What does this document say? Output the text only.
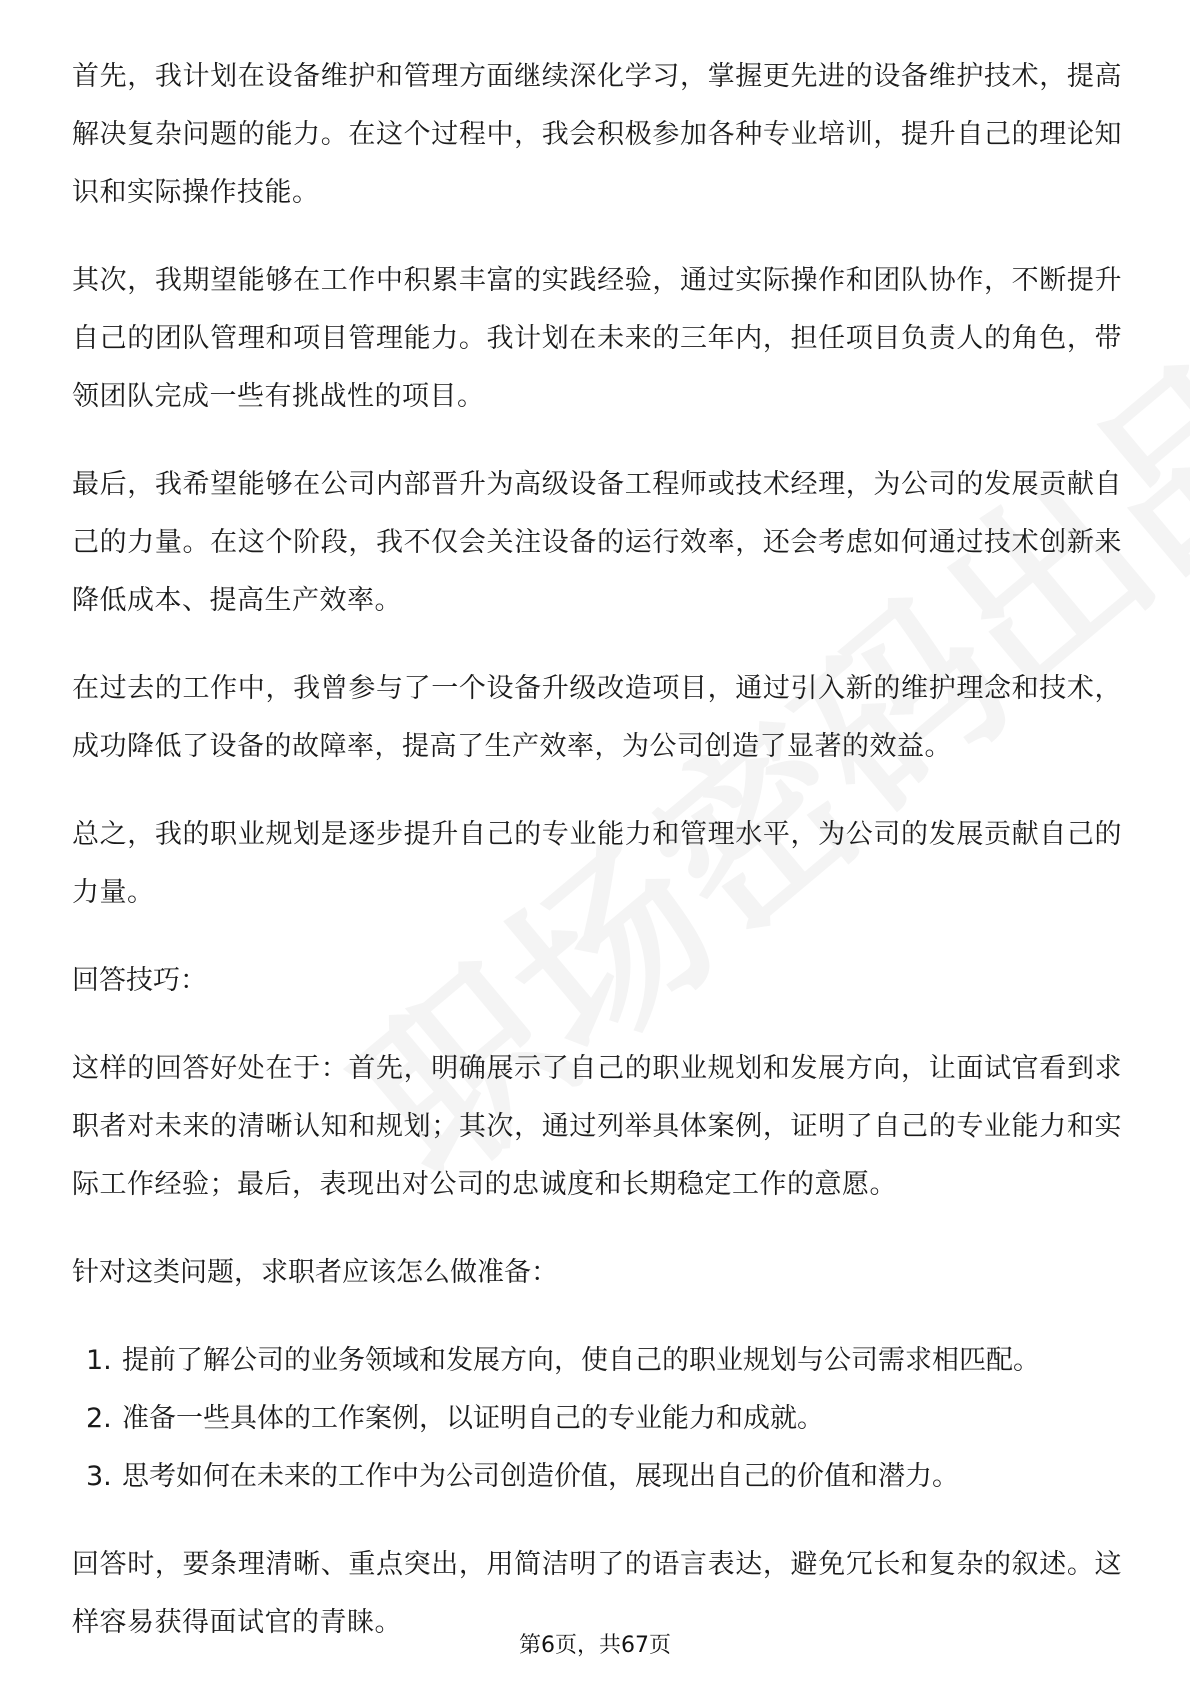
首先，我计划在设备维护和管理方面继续深化学习，掌握更先进的设备维护技术，提高解决复杂问题的能力。在这个过程中，我会积极参加各种专业培训，提升自己的理论知识和实际操作技能。

其次，我期望能够在工作中积累丰富的实践经验，通过实际操作和团队协作，不断提升自己的团队管理和项目管理能力。我计划在未来的三年内，担任项目负责人的角色，带领团队完成一些有挑战性的项目。

最后，我希望能够在公司内部晋升为高级设备工程师或技术经理，为公司的发展贡献自己的力量。在这个阶段，我不仅会关注设备的运行效率，还会考虑如何通过技术创新来降低成本、提高生产效率。

在过去的工作中，我曾参与了一个设备升级改造项目，通过引入新的维护理念和技术，成功降低了设备的故障率，提高了生产效率，为公司创造了显著的效益。

总之，我的职业规划是逐步提升自己的专业能力和管理水平，为公司的发展贡献自己的力量。

回答技巧：

这样的回答好处在于：首先，明确展示了自己的职业规划和发展方向，让面试官看到求职者对未来的清晰认知和规划；其次，通过列举具体案例，证明了自己的专业能力和实际工作经验；最后，表现出对公司的忠诚度和长期稳定工作的意愿。

针对这类问题，求职者应该怎么做准备：

1. 提前了解公司的业务领域和发展方向，使自己的职业规划与公司需求相匹配。
2. 准备一些具体的工作案例，以证明自己的专业能力和成就。
3. 思考如何在未来的工作中为公司创造价值，展现出自己的价值和潜力。

回答时，要条理清晰、重点突出，用简洁明了的语言表达，避免冗长和复杂的叙述。这样容易获得面试官的青睐。

第6页，共67页
